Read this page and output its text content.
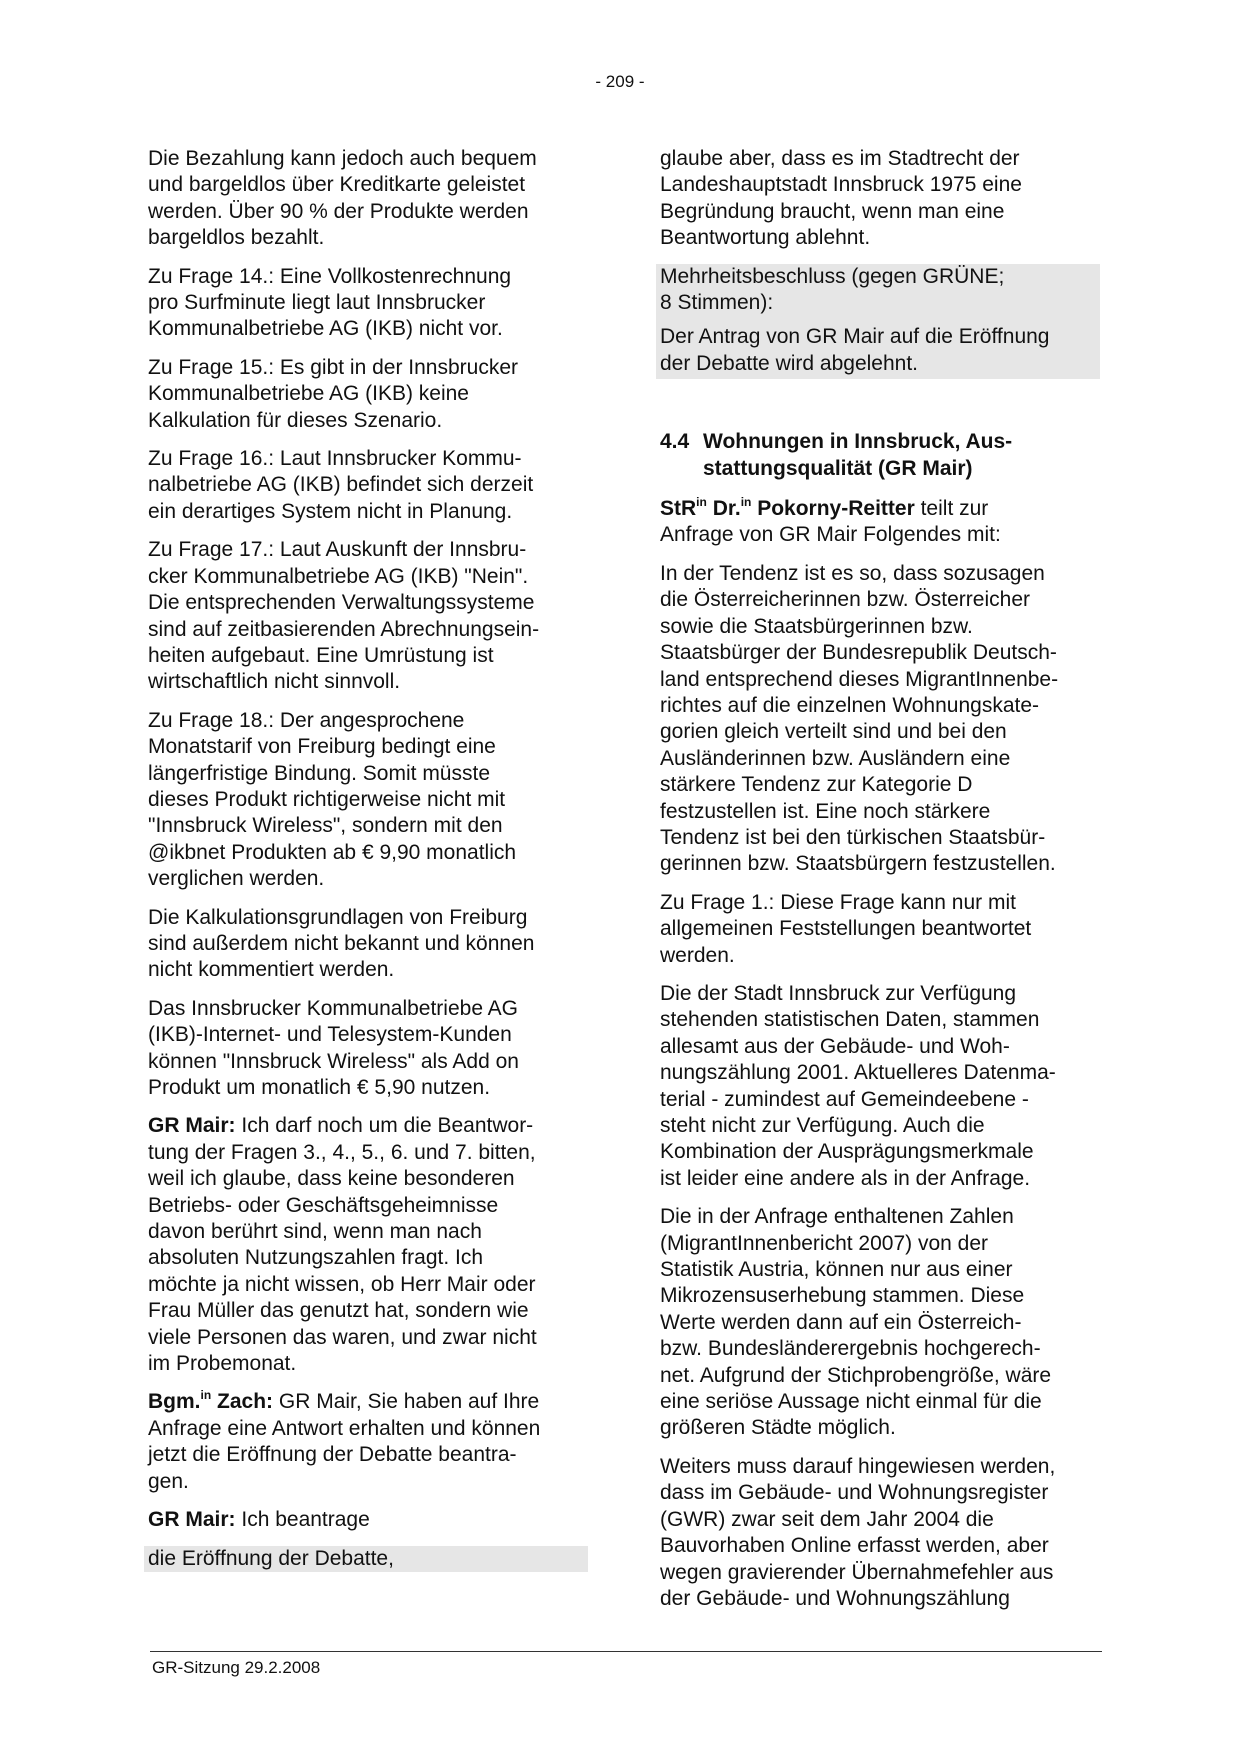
- 209 -
Die Bezahlung kann jedoch auch bequem
und bargeldlos über Kreditkarte geleistet
werden. Über 90 % der Produkte werden
bargeldlos bezahlt.
Zu Frage 14.: Eine Vollkostenrechnung
pro Surfminute liegt laut Innsbrucker
Kommunalbetriebe AG (IKB) nicht vor.
Zu Frage 15.: Es gibt in der Innsbrucker
Kommunalbetriebe AG (IKB) keine
Kalkulation für dieses Szenario.
Zu Frage 16.: Laut Innsbrucker Kommu-
nalbetriebe AG (IKB) befindet sich derzeit
ein derartiges System nicht in Planung.
Zu Frage 17.: Laut Auskunft der Innsbru-
cker Kommunalbetriebe AG (IKB) "Nein".
Die entsprechenden Verwaltungssysteme
sind auf zeitbasierenden Abrechnungsein-
heiten aufgebaut. Eine Umrüstung ist
wirtschaftlich nicht sinnvoll.
Zu Frage 18.: Der angesprochene
Monatstarif von Freiburg bedingt eine
längerfristige Bindung. Somit müsste
dieses Produkt richtigerweise nicht mit
"Innsbruck Wireless", sondern mit den
@ikbnet Produkten ab € 9,90 monatlich
verglichen werden.
Die Kalkulationsgrundlagen von Freiburg
sind außerdem nicht bekannt und können
nicht kommentiert werden.
Das Innsbrucker Kommunalbetriebe AG
(IKB)-Internet- und Telesystem-Kunden
können "Innsbruck Wireless" als Add on
Produkt um monatlich € 5,90 nutzen.
GR Mair: Ich darf noch um die Beantwor-
tung der Fragen 3., 4., 5., 6. und 7. bitten,
weil ich glaube, dass keine besonderen
Betriebs- oder Geschäftsgeheimnisse
davon berührt sind, wenn man nach
absoluten Nutzungszahlen fragt. Ich
möchte ja nicht wissen, ob Herr Mair oder
Frau Müller das genutzt hat, sondern wie
viele Personen das waren, und zwar nicht
im Probemonat.
Bgm.$^{in}$ Zach: GR Mair, Sie haben auf Ihre
Anfrage eine Antwort erhalten und können
jetzt die Eröffnung der Debatte beantra-
gen.
GR Mair: Ich beantrage
die Eröffnung der Debatte,
glaube aber, dass es im Stadtrecht der
Landeshauptstadt Innsbruck 1975 eine
Begründung braucht, wenn man eine
Beantwortung ablehnt.
Mehrheitsbeschluss (gegen GRÜNE;
8 Stimmen):
Der Antrag von GR Mair auf die Eröffnung
der Debatte wird abgelehnt.
4.4 Wohnungen in Innsbruck, Aus-
stattungsqualität (GR Mair)
StR$^{in}$ Dr.$^{in}$ Pokorny-Reitter teilt zur
Anfrage von GR Mair Folgendes mit:
In der Tendenz ist es so, dass sozusagen
die Österreicherinnen bzw. Österreicher
sowie die Staatsbürgerinnen bzw.
Staatsbürger der Bundesrepublik Deutsch-
land entsprechend dieses MigrantInnenbe-
richtes auf die einzelnen Wohnungskate-
gorien gleich verteilt sind und bei den
Ausländerinnen bzw. Ausländern eine
stärkere Tendenz zur Kategorie D
festzustellen ist. Eine noch stärkere
Tendenz ist bei den türkischen Staatsbür-
gerinnen bzw. Staatsbürgern festzustellen.
Zu Frage 1.: Diese Frage kann nur mit
allgemeinen Feststellungen beantwortet
werden.
Die der Stadt Innsbruck zur Verfügung
stehenden statistischen Daten, stammen
allesamt aus der Gebäude- und Woh-
nungszählung 2001. Aktuelleres Datenma-
terial - zumindest auf Gemeindeebene -
steht nicht zur Verfügung. Auch die
Kombination der Ausprägungsmerkmale
ist leider eine andere als in der Anfrage.
Die in der Anfrage enthaltenen Zahlen
(MigrantInnenbericht 2007) von der
Statistik Austria, können nur aus einer
Mikrozensuserhebung stammen. Diese
Werte werden dann auf ein Österreich-
bzw. Bundesländerergebnis hochgerech-
net. Aufgrund der Stichprobengröße, wäre
eine seriöse Aussage nicht einmal für die
größeren Städte möglich.
Weiters muss darauf hingewiesen werden,
dass im Gebäude- und Wohnungsregister
(GWR) zwar seit dem Jahr 2004 die
Bauvorhaben Online erfasst werden, aber
wegen gravierender Übernahmefehler aus
der Gebäude- und Wohnungszählung
GR-Sitzung 29.2.2008
